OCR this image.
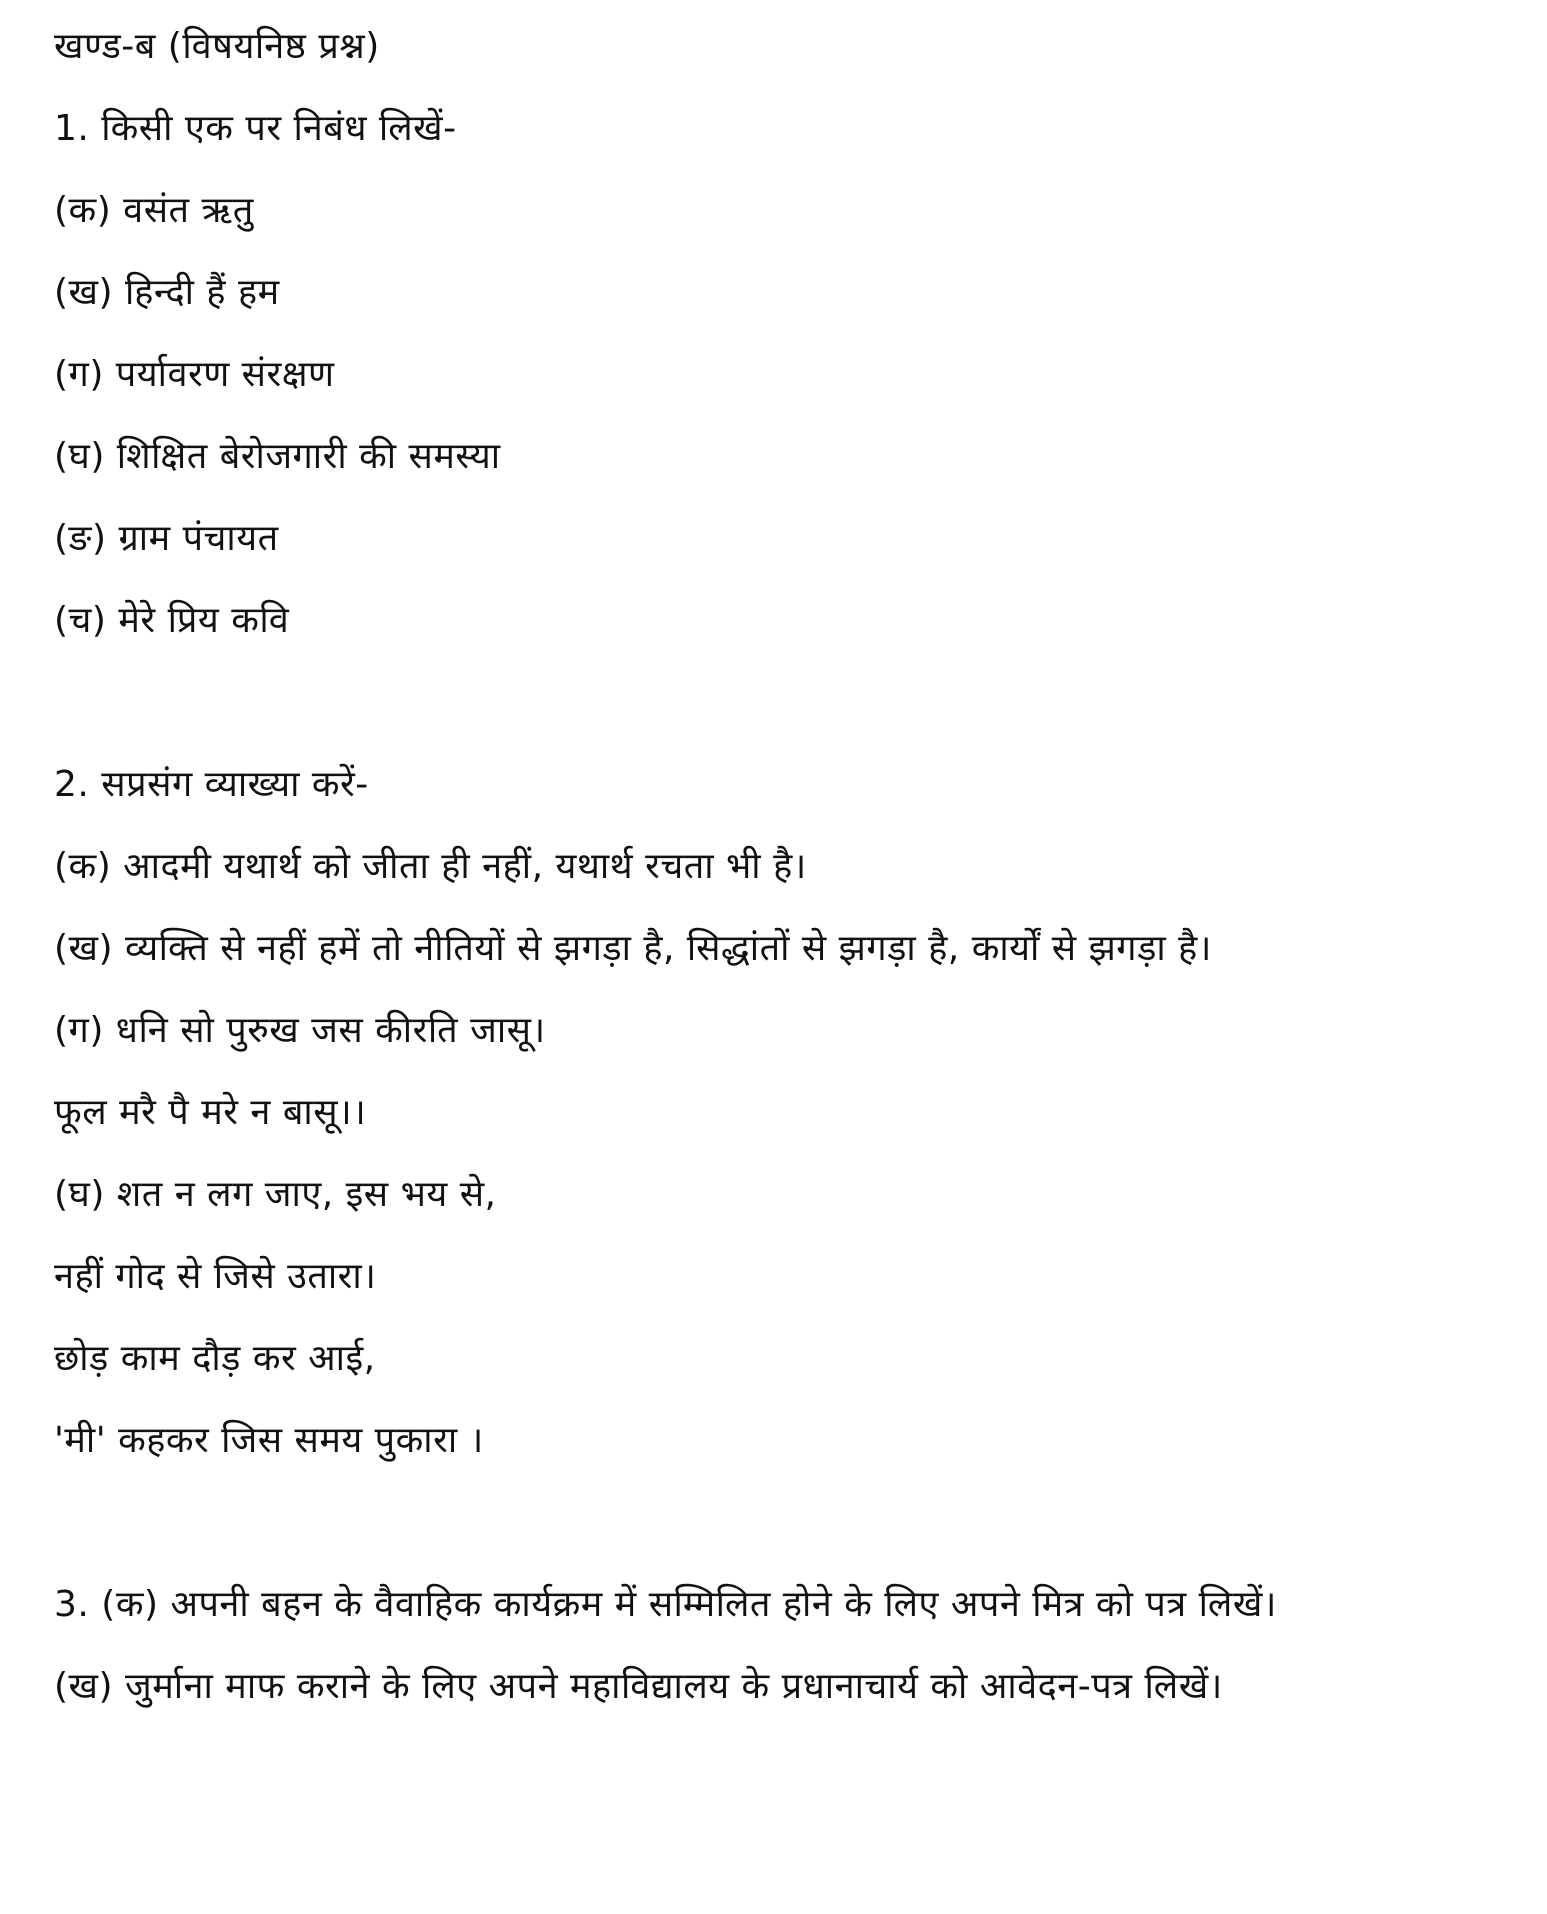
खण्ड-ब (विषयनिष्ठ प्रश्न)
1. किसी एक पर निबंध लिखें-
(क) वसंत ऋतु
(ख) हिन्दी हैं हम
(ग) पर्यावरण संरक्षण
(घ) शिक्षित बेरोजगारी की समस्या
(ङ) ग्राम पंचायत
(च) मेरे प्रिय कवि
2. सप्रसंग व्याख्या करें-
(क) आदमी यथार्थ को जीता ही नहीं, यथार्थ रचता भी है।
(ख) व्यक्ति से नहीं हमें तो नीतियों से झगड़ा है, सिद्धांतों से झगड़ा है, कार्यों से झगड़ा है।
(ग) धनि सो पुरुख जस कीरति जासू।
फूल मरै पै मरे न बासू।।
(घ) शत न लग जाए, इस भय से,
नहीं गोद से जिसे उतारा।
छोड़ काम दौड़ कर आई,
'मी' कहकर जिस समय पुकारा ।
3. (क) अपनी बहन के वैवाहिक कार्यक्रम में सम्मिलित होने के लिए अपने मित्र को पत्र लिखें।
(ख) जुर्माना माफ कराने के लिए अपने महाविद्यालय के प्रधानाचार्य को आवेदन-पत्र लिखें।
